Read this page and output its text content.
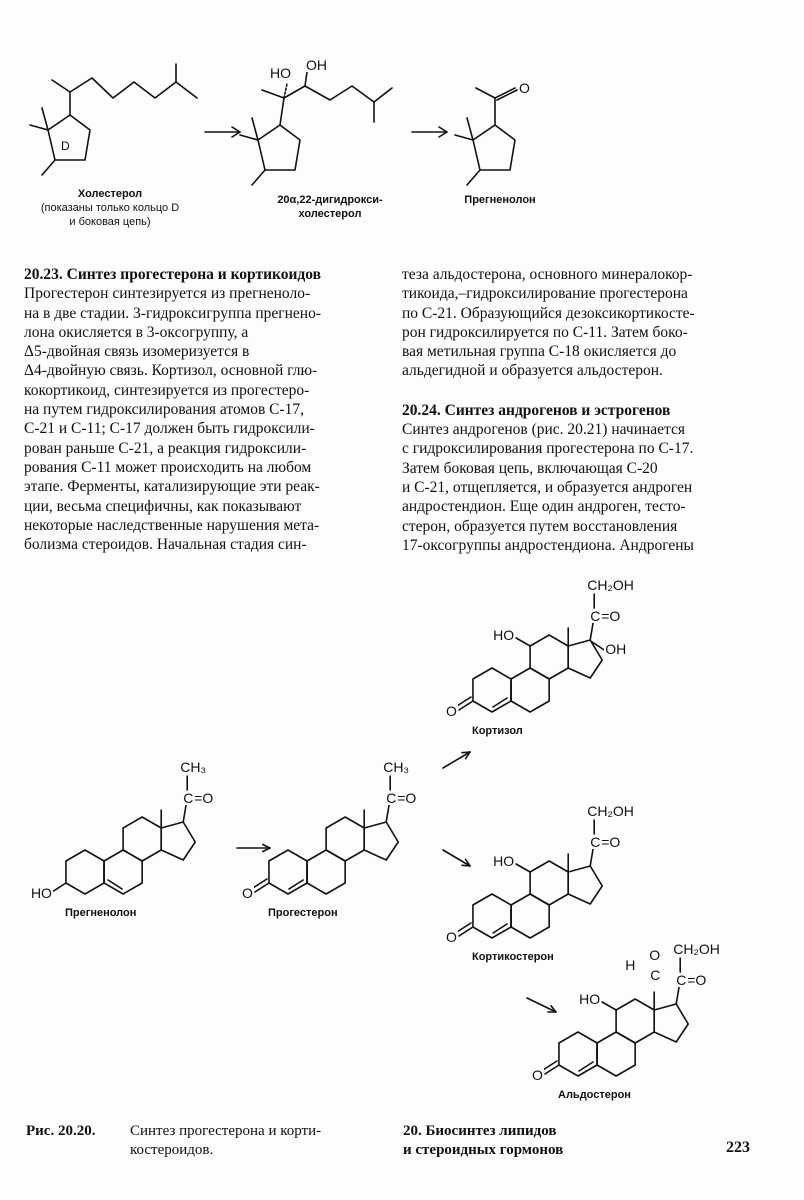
D
HO OH
O
Холестерол
(показаны только кольцо D
и боковая цепь)
20α,22-дигидрокси-
холестерол
Прегненолон
20.23. Синтез прогестерона и кортикоидов

Прогестерон синтезируется из прегненоло-

на в две стадии. 3-гидроксигруппа прегнено-

лона окисляется в 3-оксогруппу, а

Δ5-двойная связь изомеризуется в

Δ4-двойную связь. Кортизол, основной глю-

кокортикоид, синтезируется из прогестеро-

на путем гидроксилирования атомов С-17,

С-21 и С-11; С-17 должен быть гидроксили-

рован раньше С-21, а реакция гидроксили-

рования С-11 может происходить на любом

этапе. Ферменты, катализирующие эти реак-

ции, весьма специфичны, как показывают

некоторые наследственные нарушения мета-

болизма стероидов. Начальная стадия син-

теза альдостерона, основного минералокор-

тикоида,–гидроксилирование прогестерона

по С-21. Образующийся дезоксикортикосте-

рон гидроксилируется по С-11. Затем боко-

вая метильная группа С-18 окисляется до

альдегидной и образуется альдостерон.

20.24. Синтез андрогенов и эстрогенов

Синтез андрогенов (рис. 20.21) начинается

с гидроксилирования прогестерона по С-17.

Затем боковая цепь, включающая С-20

и С-21, отщепляется, и образуется андроген

андростендион. Еще один андроген, тесто-

стерон, образуется путем восстановления

17-оксогруппы андростендиона. Андрогены

HO
C =O
CH₃
Прегненолон
O
C =O
CH₃
Прогестерон
O
HO
C =O
CH₂OH
OH
Кортизол
O
HO
C =O
CH₂OH
Кортикостерон
O
HO
C =O
CH₂OH
O
C
H
Альдостерон
Рис. 20.20.	Синтез прогестерона и корти-
костероидов.
20. Биосинтез липидов
и стероидных гормонов	223
